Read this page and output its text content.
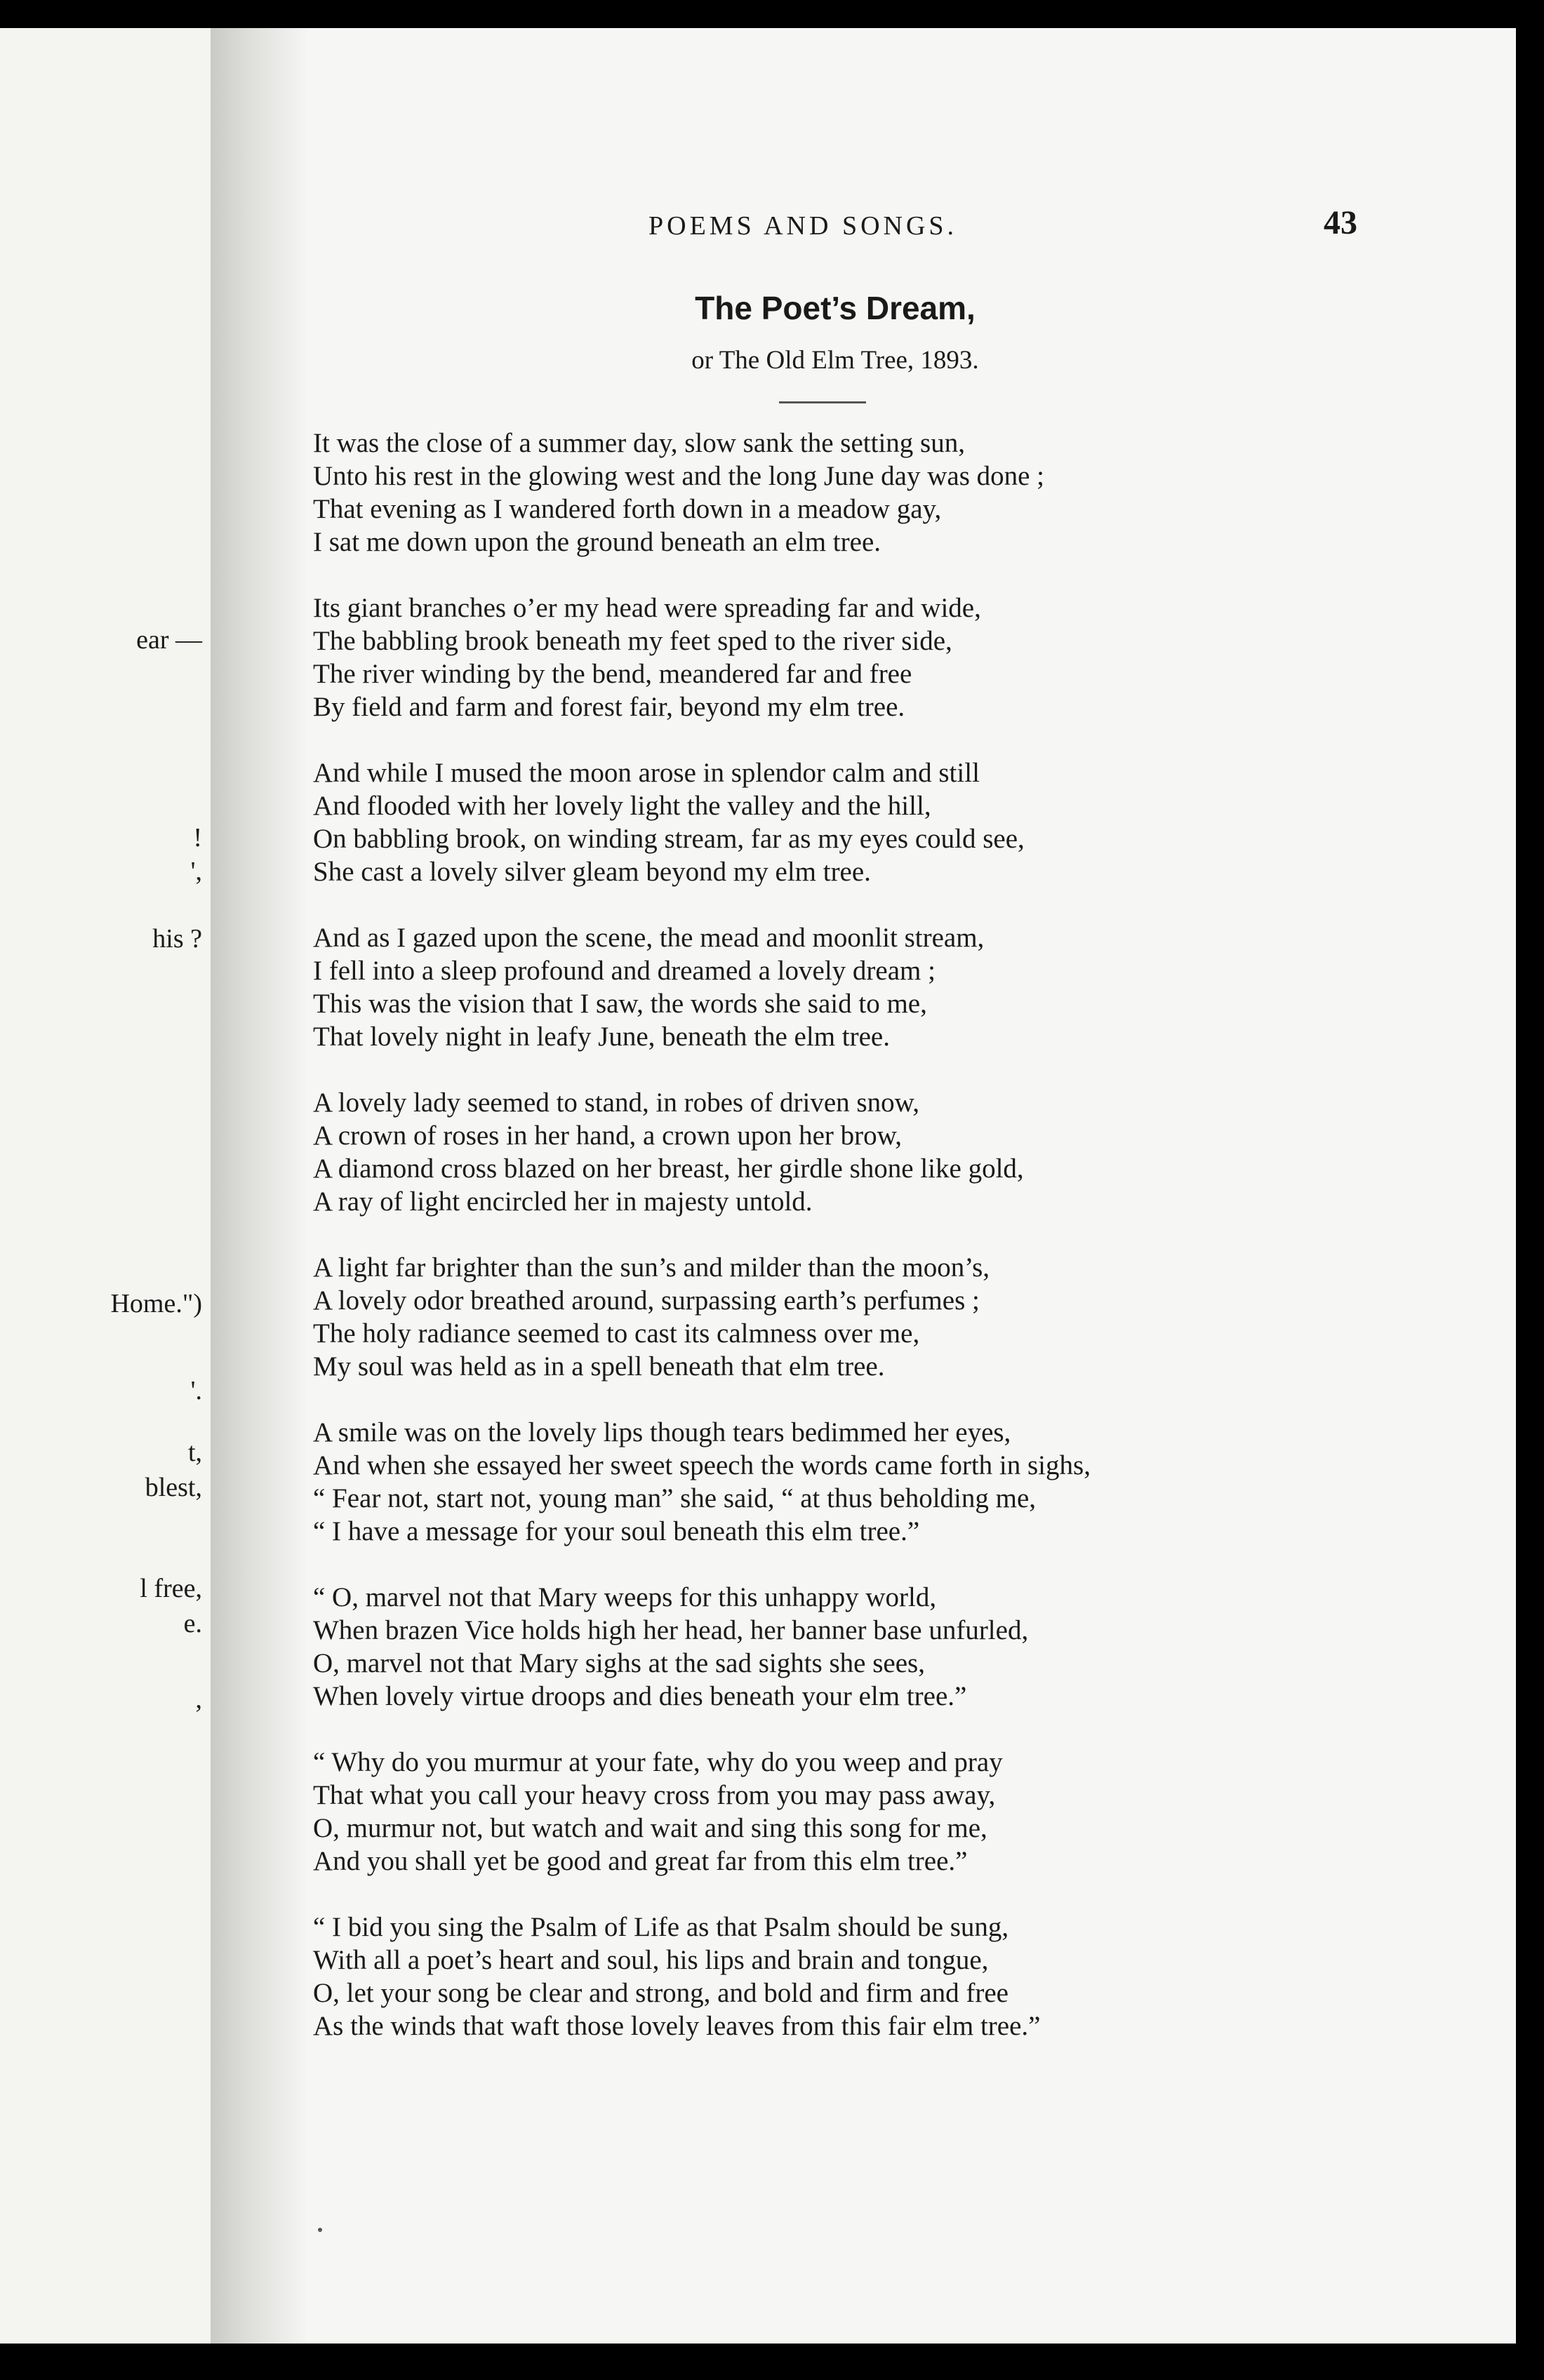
ear —
!
',
his ?
Home.")
'.
t,
blest,
l free,
e.
,
POEMS AND SONGS.	43
The Poet’s Dream,
or The Old Elm Tree, 1893.
It was the close of a summer day, slow sank the setting sun,
Unto his rest in the glowing west and the long June day was done ;
That evening as I wandered forth down in a meadow gay,
I sat me down upon the ground beneath an elm tree.
Its giant branches o’er my head were spreading far and wide,
The babbling brook beneath my feet sped to the river side,
The river winding by the bend, meandered far and free
By field and farm and forest fair, beyond my elm tree.
And while I mused the moon arose in splendor calm and still
And flooded with her lovely light the valley and the hill,
On babbling brook, on winding stream, far as my eyes could see,
She cast a lovely silver gleam beyond my elm tree.
And as I gazed upon the scene, the mead and moonlit stream,
I fell into a sleep profound and dreamed a lovely dream ;
This was the vision that I saw, the words she said to me,
That lovely night in leafy June, beneath the elm tree.
A lovely lady seemed to stand, in robes of driven snow,
A crown of roses in her hand, a crown upon her brow,
A diamond cross blazed on her breast, her girdle shone like gold,
A ray of light encircled her in majesty untold.
A light far brighter than the sun’s and milder than the moon’s,
A lovely odor breathed around, surpassing earth’s perfumes ;
The holy radiance seemed to cast its calmness over me,
My soul was held as in a spell beneath that elm tree.
A smile was on the lovely lips though tears bedimmed her eyes,
And when she essayed her sweet speech the words came forth in sighs,
“ Fear not, start not, young man” she said, “ at thus beholding me,
“ I have a message for your soul beneath this elm tree.”
“ O, marvel not that Mary weeps for this unhappy world,
When brazen Vice holds high her head, her banner base unfurled,
O, marvel not that Mary sighs at the sad sights she sees,
When lovely virtue droops and dies beneath your elm tree.”
“ Why do you murmur at your fate, why do you weep and pray
That what you call your heavy cross from you may pass away,
O, murmur not, but watch and wait and sing this song for me,
And you shall yet be good and great far from this elm tree.”
“ I bid you sing the Psalm of Life as that Psalm should be sung,
With all a poet’s heart and soul, his lips and brain and tongue,
O, let your song be clear and strong, and bold and firm and free
As the winds that waft those lovely leaves from this fair elm tree.”
